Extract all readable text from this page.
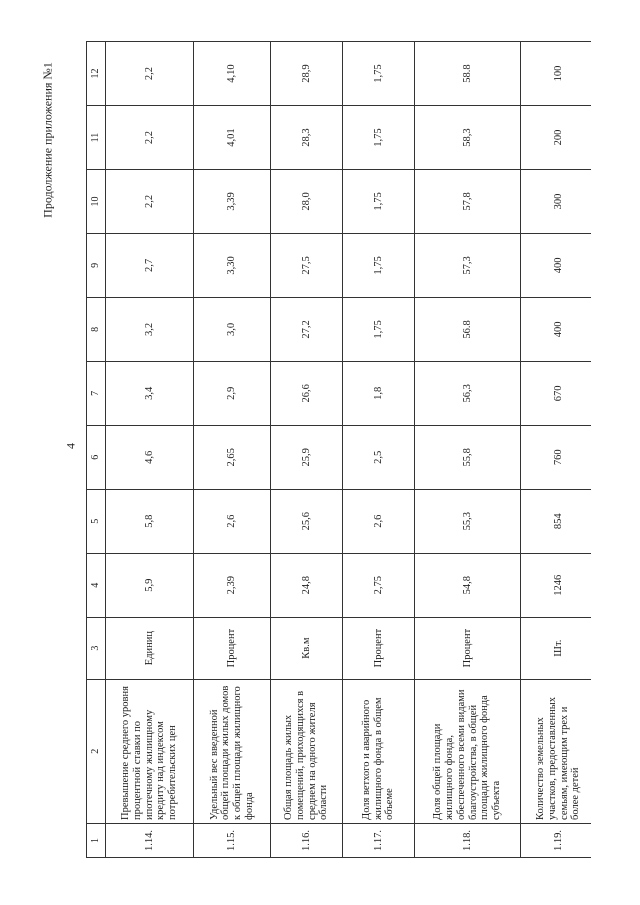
4
Продолжение приложения №1
1	2	3	4	5	6	7	8	9	10	11	12
1.14.	Превышение среднего уровня процентной ставки по ипотечному жилищному кредиту над индексом потребительских цен	Единиц	5,9	5,8	4,6	3,4	3,2	2,7	2,2	2,2	2,2
1.15.	Удельный вес введенной общей площади жилых домов к общей площади жилищного фонда	Процент	2,39	2,6	2,65	2,9	3,0	3,30	3,39	4,01	4,10
1.16.	Общая площадь жилых помещений, приходящихся в среднем на одного жителя области	Кв.м	24,8	25,6	25,9	26,6	27,2	27,5	28,0	28,3	28,9
1.17.	Доля ветхого и аварийного жилищного фонда в общем объеме	Процент	2,75	2,6	2,5	1,8	1,75	1,75	1,75	1,75	1,75
1.18.	Доля общей площади жилищного фонда, обеспеченного всеми видами благоустройства, в общей площади жилищного фонда субъекта	Процент	54,8	55,3	55,8	56,3	56.8	57,3	57,8	58,3	58.8
1.19.	Количество земельных участков, предоставленных семьям, имеющим трех и более детей	Шт.	1246	854	760	670	400	400	300	200	100
